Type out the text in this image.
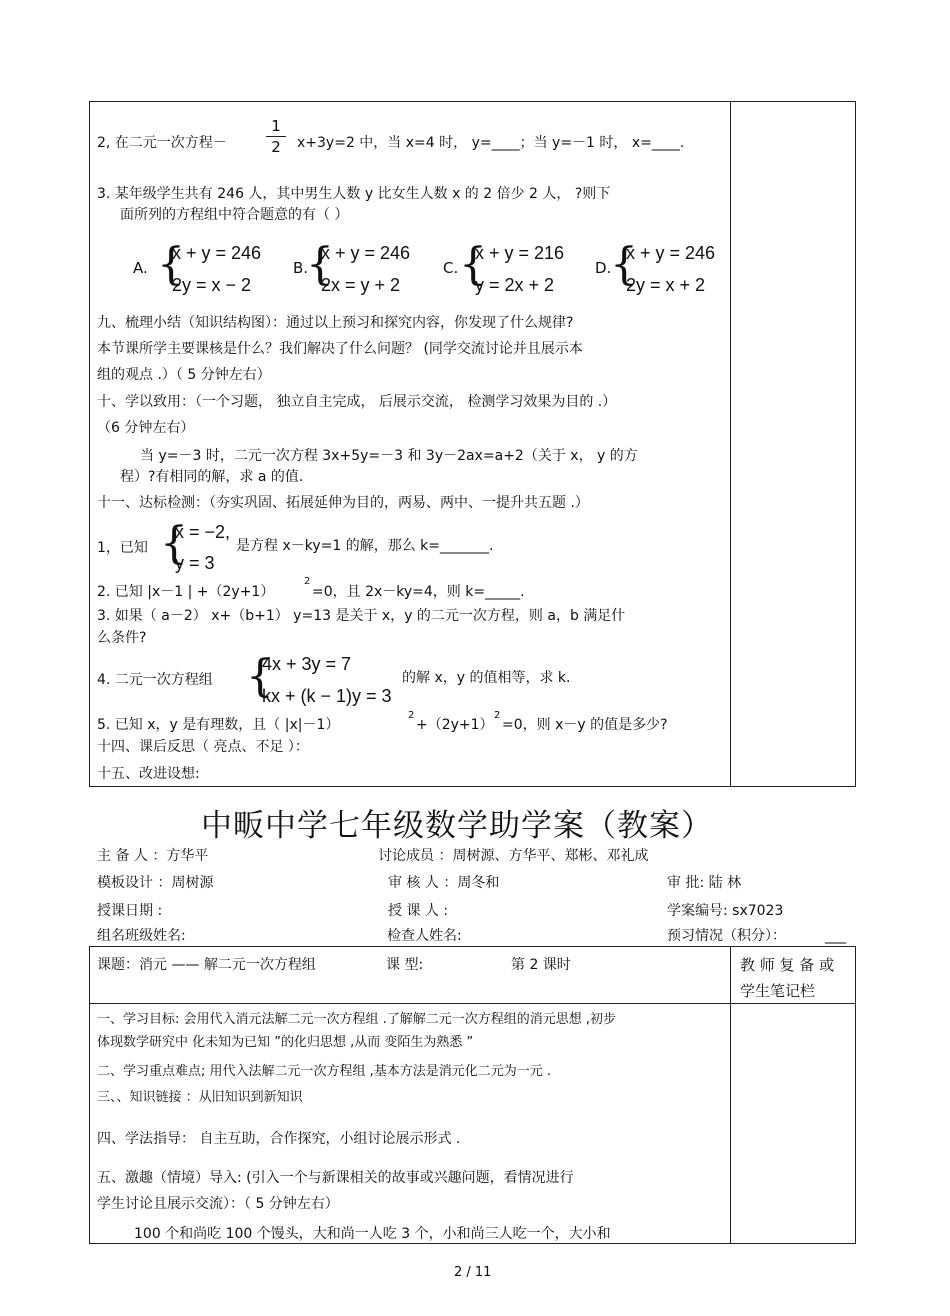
2, 在二元一次方程－
1
2	x+3y=2 中，当 x=4 时， y=____；当 y=－1 时， x=____.
3. 某年级学生共有 246 人，其中男生人数 y 比女生人数 x 的 2 倍少 2 人， ?则下
面所列的方程组中符合题意的有（ ）
A. {
x + y = 246
2y = x − 2
B.
{
x + y = 246
2x = y + 2
C. {
x + y = 216
y = 2x + 2
D.
{
x + y = 246
2y = x + 2
九、梳理小结（知识结构图）：通过以上预习和探究内容，你发现了什么规律?
本节课所学主要课核是什么？我们解决了什么问题？ (同学交流讨论并且展示本
组的观点 .）（ 5 分钟左右）
十、学以致用：（一个习题， 独立自主完成， 后展示交流， 检测学习效果为目的 .）
（6 分钟左右）
当 y=－3 时，二元一次方程 3x+5y=－3 和 3y－2ax=a+2（关于 x， y 的方
程）?有相同的解，求 a 的值.
十一、达标检测：（夯实巩固、拓展延伸为目的，两易、两中、一提升共五题 .）
1，已知 {
x = −2,
y = 3
是方程 x－ky=1 的解，那么 k=_______.
2. 已知 |x－1 | +（2y+1）
2
=0，且 2x－ky=4，则 k=_____.
3. 如果（ a－2） x+（b+1） y=13 是关于 x，y 的二元一次方程，则 a，b 满足什
么条件?
4. 二元一次方程组 {
4x + 3y = 7
kx + (k − 1)y = 3
的解 x，y 的值相等，求 k.
5. 已知 x，y 是有理数，且（ |x|－1）
2
+（2y+1）
2
=0，则 x－y 的值是多少?
十四、课后反思（ 亮点、不足 ）：
十五、改进设想:
中畈中学七年级数学助学案（教案）
主 备 人 ：方华平	讨论成员 ：周树源、方华平、郑彬、邓礼成
模板设计 ：周树源	审 核 人 ：周冬和	审 批: 陆 林
授课日期 :	授 课 人 :	学案编号: sx7023
组名班级姓名:	检查人姓名:	预习情况（积分）：	___
课题：消元 —— 解二元一次方程组	课 型:	第 2 课时	教 师 复 备 或
学生笔记栏
一、学习目标: 会用代入消元法解二元一次方程组 .了解解二元一次方程组的消元思想 ,初步
体现数学研究中 化未知为已知 ”的化归思想 ,从而 变陌生为熟悉 ”
二、学习重点难点; 用代入法解二元一次方程组 ,基本方法是消元化二元为一元 .
三、、知识链接 ：从旧知识到新知识
四、学法指导： 自主互助，合作探究，小组讨论展示形式 .
五、激趣（情境）导入: (引入一个与新课相关的故事或兴趣问题，看情况进行
学生讨论且展示交流）：（ 5 分钟左右）
100 个和尚吃 100 个馒头，大和尚一人吃 3 个，小和尚三人吃一个，大小和
2 / 11
